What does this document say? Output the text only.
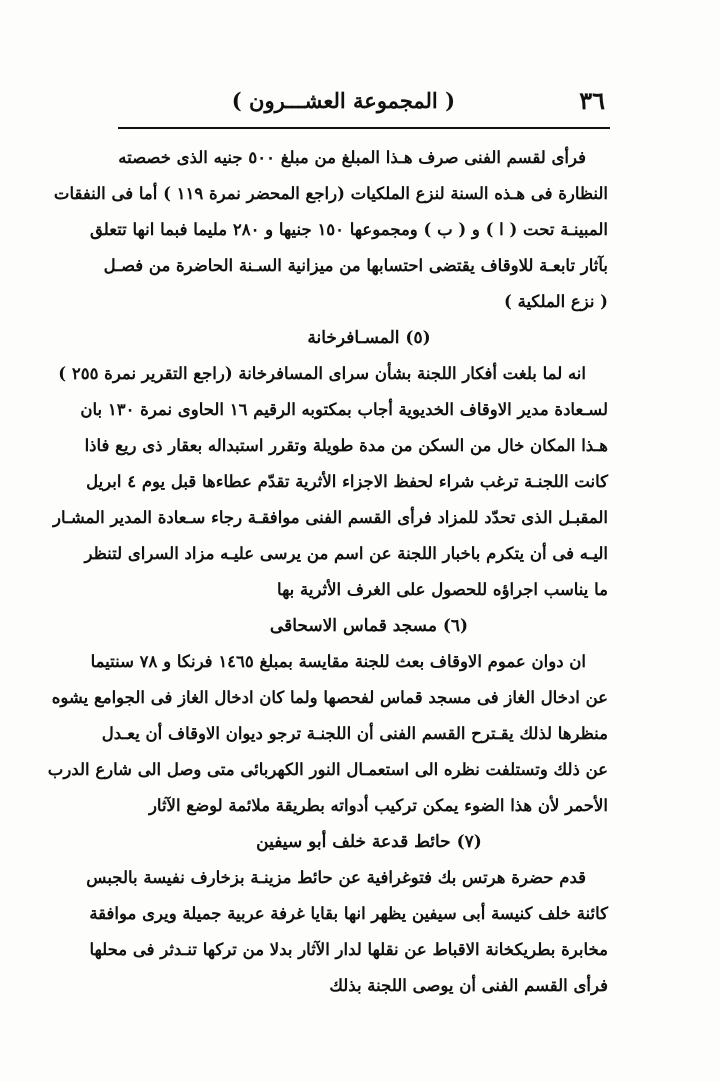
٣٦
( المجموعة العشـــرون )
فرأى لقسم الفنى صرف هـذا المبلغ من مبلغ ٥٠٠ جنيه الذى خصصته
النظارة فى هـذه السنة لنزع الملكيات (راجع المحضر نمرة ١١٩ ) أما فى النفقات
المبينـة تحت ( ا ) و ( ب ) ومجموعها ١٥٠ جنيها و ٢٨٠ مليما فبما انها تتعلق
بآثار تابعـة للاوقاف يقتضى احتسابها من ميزانية السـنة الحاضرة من فصـل
( نزع الملكية )
(٥) المسـافرخانة
انه لما بلغت أفكار اللجنة بشأن سراى المسافرخانة (راجع التقرير نمرة ٢٥٥ )
لسـعادة مدير الاوقاف الخديوية أجاب بمكتوبه الرقيم ١٦ الحاوى نمرة ١٣٠ بان
هـذا المكان خال من السكن من مدة طويلة وتقرر استبداله بعقار ذى ريع فاذا
كانت اللجنـة ترغب شراء لحفظ الاجزاء الأثرية تقدّم عطاءها قبل يوم ٤ ابريل
المقبـل الذى تحدّد للمزاد فرأى القسم الفنى موافقـة رجاء سـعادة المدير المشـار
اليـه فى أن يتكرم باخبار اللجنة عن اسم من يرسى عليـه مزاد السراى لتنظر
ما يناسب اجراؤه للحصول على الغرف الأثرية بها
(٦) مسجد قماس الاسحاقى
ان دوان عموم الاوقاف بعث للجنة مقايسة بمبلغ ١٤٦٥ فرنكا و ٧٨ سنتيما
عن ادخال الغاز فى مسجد قماس لفحصها ولما كان ادخال الغاز فى الجوامع يشوه
منظرها لذلك يقـترح القسم الفنى أن اللجنـة ترجو ديوان الاوقاف أن يعـدل
عن ذلك وتستلفت نظره الى استعمـال النور الكهربائى متى وصل الى شارع الدرب
الأحمر لأن هذا الضوء يمكن تركيب أدواته بطريقة ملائمة لوضع الآثار
(٧) حائط قدعة خلف أبو سيفين
قدم حضرة هرتس بك فتوغرافية عن حائط مزينـة بزخارف نفيسة بالجبس
كائنة خلف كنيسة أبى سيفين يظهر انها بقايا غرفة عربية جميلة ويرى موافقة
مخابرة بطريكخانة الاقباط عن نقلها لدار الآثار بدلا من تركها تنـدثر فى محلها
فرأى القسم الفنى أن يوصى اللجنة بذلك
